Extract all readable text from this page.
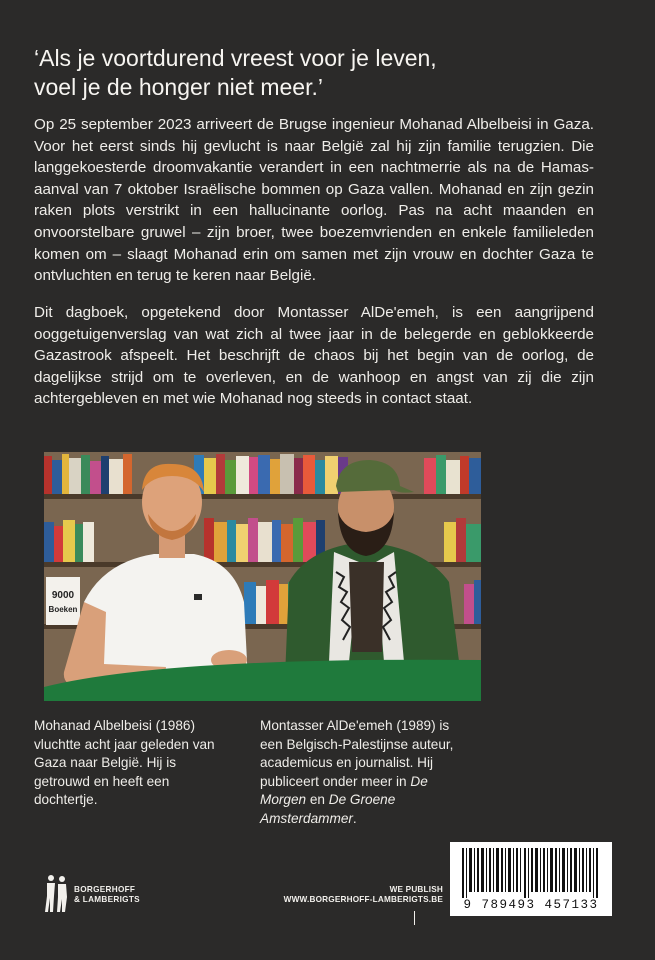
‘Als je voortdurend vreest voor je leven,
voel je de honger niet meer.’

Op 25 september 2023 arriveert de Brugse ingenieur Mohanad Albelbeisi in Gaza. Voor het eerst sinds hij gevlucht is naar België zal hij zijn familie terugzien. Die langgekoesterde droomvakantie verandert in een nachtmerrie als na de Hamas-aanval van 7 oktober Israëlische bommen op Gaza vallen. Mohanad en zijn gezin raken plots verstrikt in een hallucinante oorlog. Pas na acht maanden en onvoorstelbare gruwel – zijn broer, twee boezemvrienden en enkele familieleden komen om – slaagt Mohanad erin om samen met zijn vrouw en dochter Gaza te ontvluchten en terug te keren naar België.

Dit dagboek, opgetekend door Montasser AlDe'emeh, is een aangrijpend ooggetuigenverslag van wat zich al twee jaar in de belegerde en geblokkeerde Gazastrook afspeelt. Het beschrijft de chaos bij het begin van de oorlog, de dagelijkse strijd om te overleven, en de wanhoop en angst van zij die zijn achtergebleven en met wie Mohanad nog steeds in contact staat.

9000
Boeken

Mohanad Albelbeisi (1986) vluchtte acht jaar geleden van Gaza naar België. Hij is getrouwd en heeft een dochtertje.

Montasser AlDe'emeh (1989) is een Belgisch-Palestijnse auteur, academicus en journalist. Hij publiceert onder meer in De Morgen en De Groene Amsterdammer.

BORGERHOFF
& LAMBERIGTS
WE PUBLISH
WWW.BORGERHOFF-LAMBERIGTS.BE	9 789493 457133
